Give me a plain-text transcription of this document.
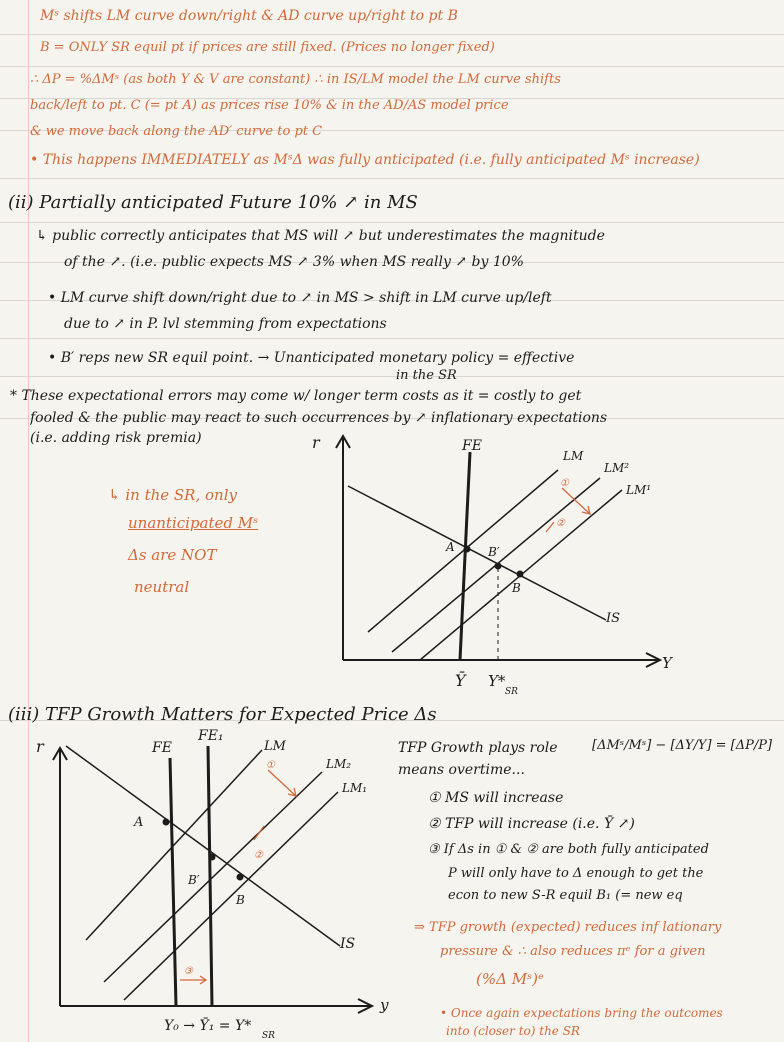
Mˢ shifts LM curve down/right & AD curve up/right to pt B
B = ONLY SR equil pt if prices are still fixed. (Prices no longer fixed)
∴ ΔP = %ΔMˢ (as both Ȳ & V are constant) ∴ in IS/LM model the LM curve shifts
back/left to pt. C (= pt A) as prices rise 10% & in the AD/AS model price
& we move back along the AD′ curve to pt C
• This happens IMMEDIATELY as MˢΔ was fully anticipated (i.e. fully anticipated Mˢ increase)
(ii) Partially anticipated Future 10% ↗ in MS
↳ public correctly anticipates that MS will ↗ but underestimates the magnitude
of the ↗. (i.e. public expects MS ↗ 3% when MS really ↗ by 10%
• LM curve shift down/right due to ↗ in MS > shift in LM curve up/left
due to ↗ in P. lvl stemming from expectations
• B′ reps new SR equil point. → Unanticipated monetary policy = effective
in the SR
* These expectational errors may come w/ longer term costs as it = costly to get
fooled & the public may react to such occurrences by ↗ inflationary expectations
(i.e. adding risk premia)
↳ in the SR, only
unanticipated Mˢ
Δs are NOT
neutral
r
Y
FE
LM
LM²
LM¹
IS
A	B′
B
①
②
Ȳ Y*
SR
(iii) TFP Growth Matters for Expected Price Δs
r
y
FE
FE₁
LM
LM₂
LM₁
IS
A
B′
B
①
②
③
Y₀ → Ȳ₁ = Y*
SR
TFP Growth plays role	[ΔMˢ/Mˢ] − [ΔȲ/Ȳ] = [ΔP/P]
means overtime...
① MS will increase
② TFP will increase (i.e. Ȳ ↗)
③ If Δs in ① & ② are both fully anticipated
P will only have to Δ enough to get the
econ to new S-R equil B₁ (= new eq
⇒ TFP growth (expected) reduces inf lationary
pressure & ∴ also reduces πᵉ for a given
(%Δ Mˢ)ᵉ
• Once again expectations bring the outcomes
into (closer to) the SR
